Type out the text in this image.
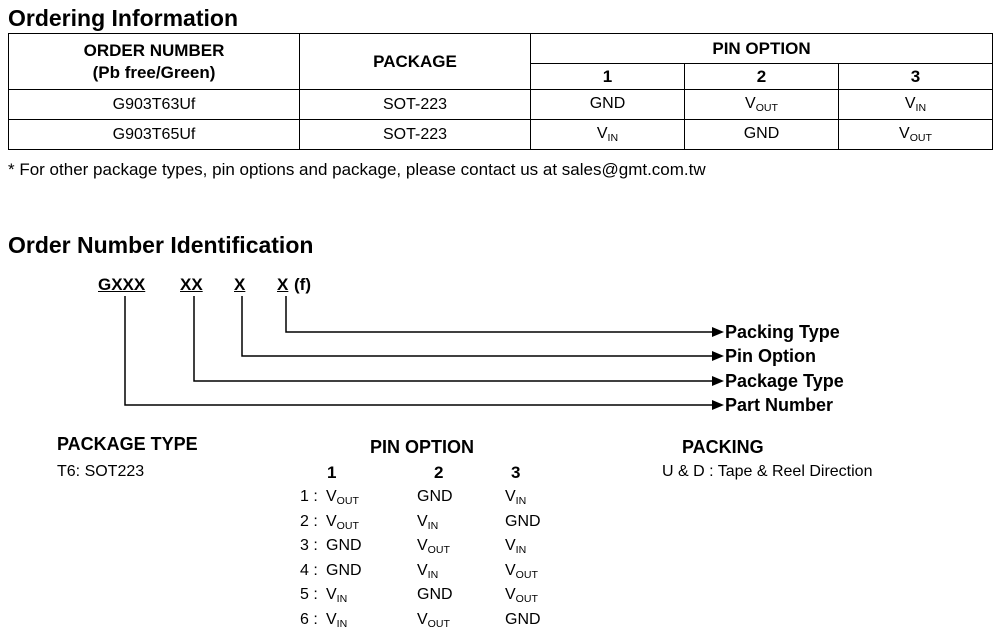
Ordering Information
ORDER NUMBER
(Pb free/Green)	PACKAGE	PIN OPTION		
		1	2	3
G903T63Uf	SOT-223	GND	$V_{OUT}$	$V_{IN}$
G903T65Uf	SOT-223	$V_{IN}$	GND	$V_{OUT}$
* For other package types, pin options and package, please contact us at sales@gmt.com.tw
Order Number Identification
GXXX XX X X (f)
Packing Type
Pin Option
Package Type
Part Number
PACKAGE TYPE
T6: SOT223
PIN OPTION
1	2	3
1 : $V_{OUT}$	GND	$V_{IN}$
2 : $V_{OUT}$	$V_{IN}$	GND
3 : GND	$V_{OUT}$	$V_{IN}$
4 : GND	$V_{IN}$	$V_{OUT}$
5 : $V_{IN}$	GND	$V_{OUT}$
6 : $V_{IN}$	$V_{OUT}$	GND
PACKING
U & D : Tape & Reel Direction
